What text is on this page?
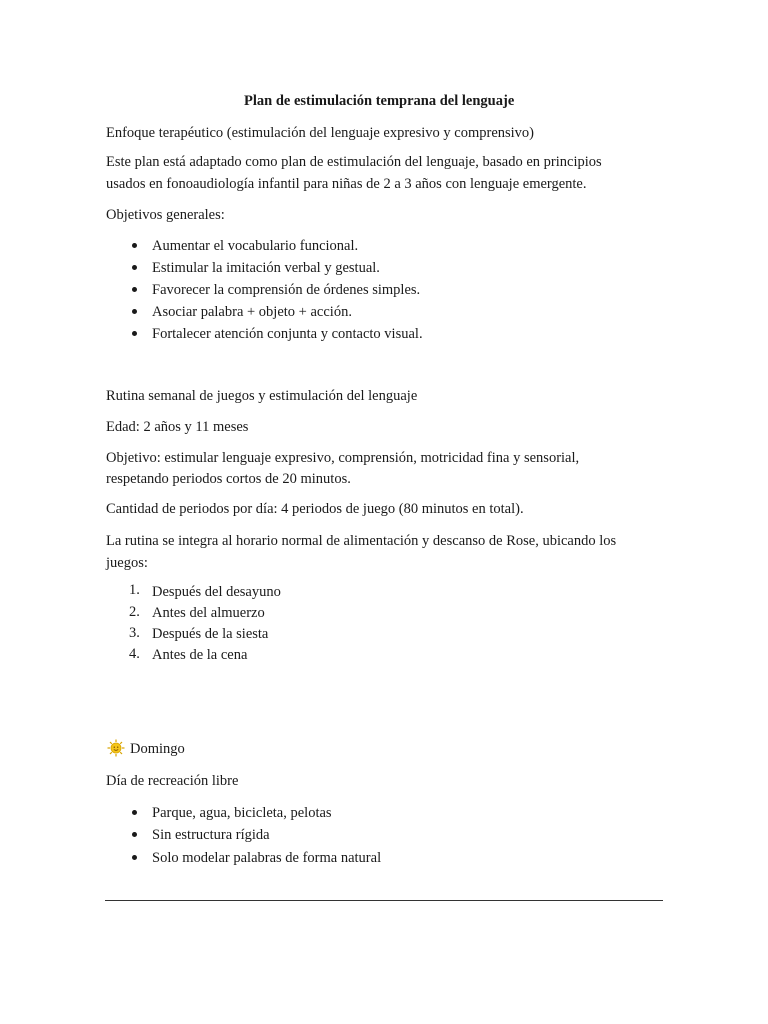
Plan de estimulación temprana del lenguaje
Enfoque terapéutico (estimulación del lenguaje expresivo y comprensivo)
Este plan está adaptado como plan de estimulación del lenguaje, basado en principios
usados en fonoaudiología infantil para niñas de 2 a 3 años con lenguaje emergente.
Objetivos generales:
Aumentar el vocabulario funcional.
Estimular la imitación verbal y gestual.
Favorecer la comprensión de órdenes simples.
Asociar palabra + objeto + acción.
Fortalecer atención conjunta y contacto visual.
Rutina semanal de juegos y estimulación del lenguaje
Edad: 2 años y 11 meses
Objetivo: estimular lenguaje expresivo, comprensión, motricidad fina y sensorial,
respetando periodos cortos de 20 minutos.
Cantidad de periodos por día: 4 periodos de juego (80 minutos en total).
La rutina se integra al horario normal de alimentación y descanso de Rose, ubicando los
juegos:
1. Después del desayuno
2. Antes del almuerzo
3. Después de la siesta
4. Antes de la cena
Domingo
Día de recreación libre
Parque, agua, bicicleta, pelotas
Sin estructura rígida
Solo modelar palabras de forma natural
